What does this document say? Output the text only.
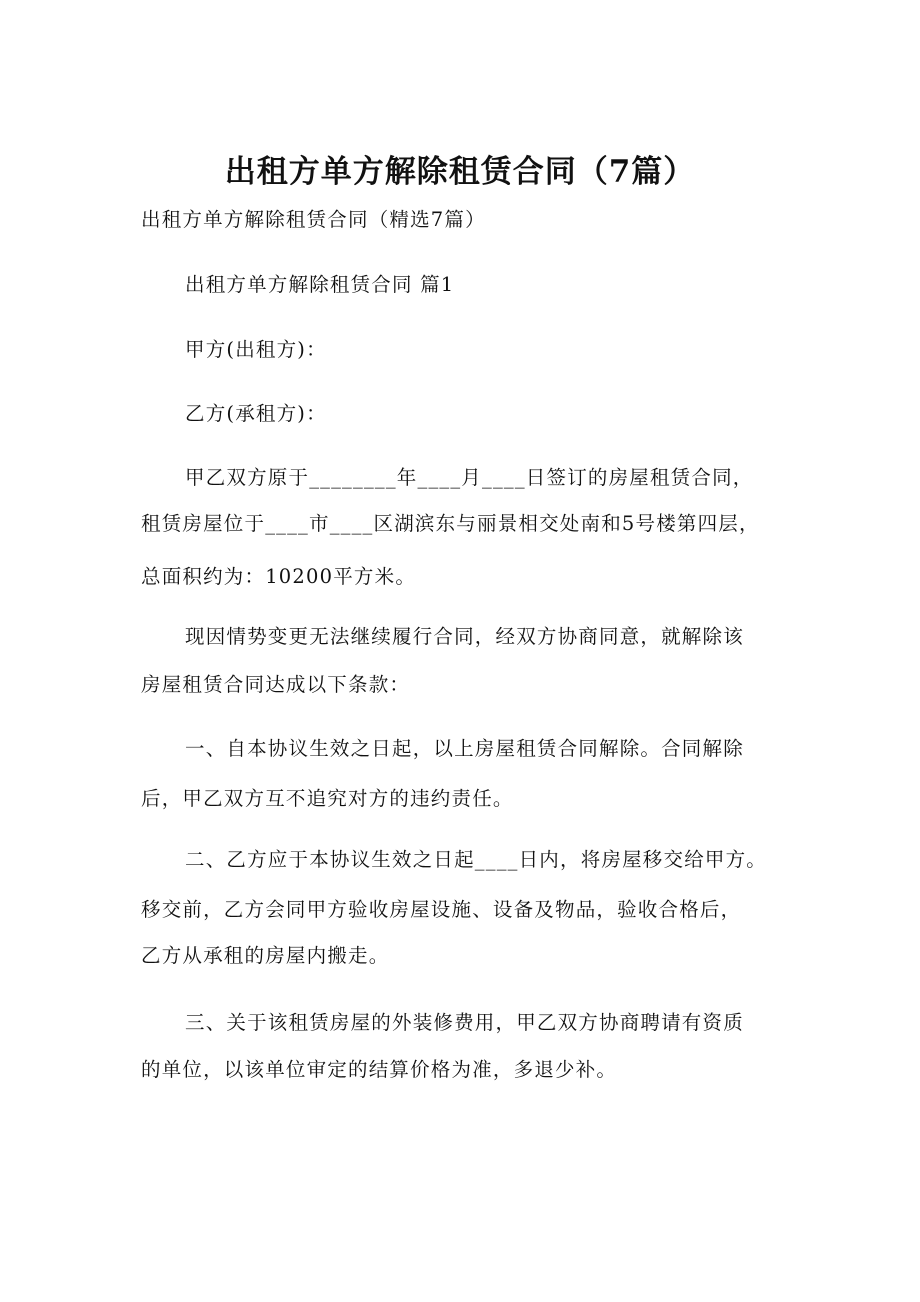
出租方单方解除租赁合同（7篇）
出租方单方解除租赁合同（精选7篇）
出租方单方解除租赁合同 篇1
甲方(出租方)：
乙方(承租方)：
甲乙双方原于________年____月____日签订的房屋租赁合同，
租赁房屋位于____市____区湖滨东与丽景相交处南和5号楼第四层，
总面积约为：10200平方米。
现因情势变更无法继续履行合同，经双方协商同意，就解除该
房屋租赁合同达成以下条款：
一、自本协议生效之日起，以上房屋租赁合同解除。合同解除
后，甲乙双方互不追究对方的违约责任。
二、乙方应于本协议生效之日起____日内，将房屋移交给甲方。
移交前，乙方会同甲方验收房屋设施、设备及物品，验收合格后，
乙方从承租的房屋内搬走。
三、关于该租赁房屋的外装修费用，甲乙双方协商聘请有资质
的单位，以该单位审定的结算价格为准，多退少补。
